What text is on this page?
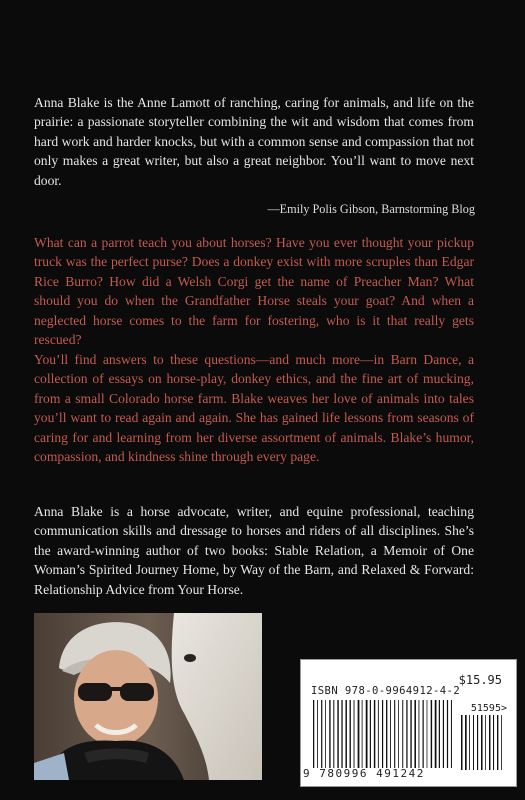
Anna Blake is the Anne Lamott of ranching, caring for animals, and life on the prairie: a passionate storyteller combining the wit and wisdom that comes from hard work and harder knocks, but with a common sense and compassion that not only makes a great writer, but also a great neighbor. You’ll want to move next door.

—Emily Polis Gibson, Barnstorming Blog

What can a parrot teach you about horses? Have you ever thought your pickup truck was the perfect purse? Does a donkey exist with more scruples than Edgar Rice Burro? How did a Welsh Corgi get the name of Preacher Man? What should you do when the Grandfather Horse steals your goat? And when a neglected horse comes to the farm for fostering, who is it that really gets rescued?

You’ll find answers to these questions—and much more—in Barn Dance, a collection of essays on horse-play, donkey ethics, and the fine art of mucking, from a small Colorado horse farm. Blake weaves her love of animals into tales you’ll want to read again and again. She has gained life lessons from seasons of caring for and learning from her diverse assortment of animals. Blake’s humor, compassion, and kindness shine through every page.

Anna Blake is a horse advocate, writer, and equine professional, teaching communication skills and dressage to horses and riders of all disciplines. She’s the award-winning author of two books: Stable Relation, a Memoir of One Woman’s Spirited Journey Home, by Way of the Barn, and Relaxed & Forward: Relationship Advice from Your Horse.

$15.95
ISBN 978-0-9964912-4-2
51595>
9 780996 491242
